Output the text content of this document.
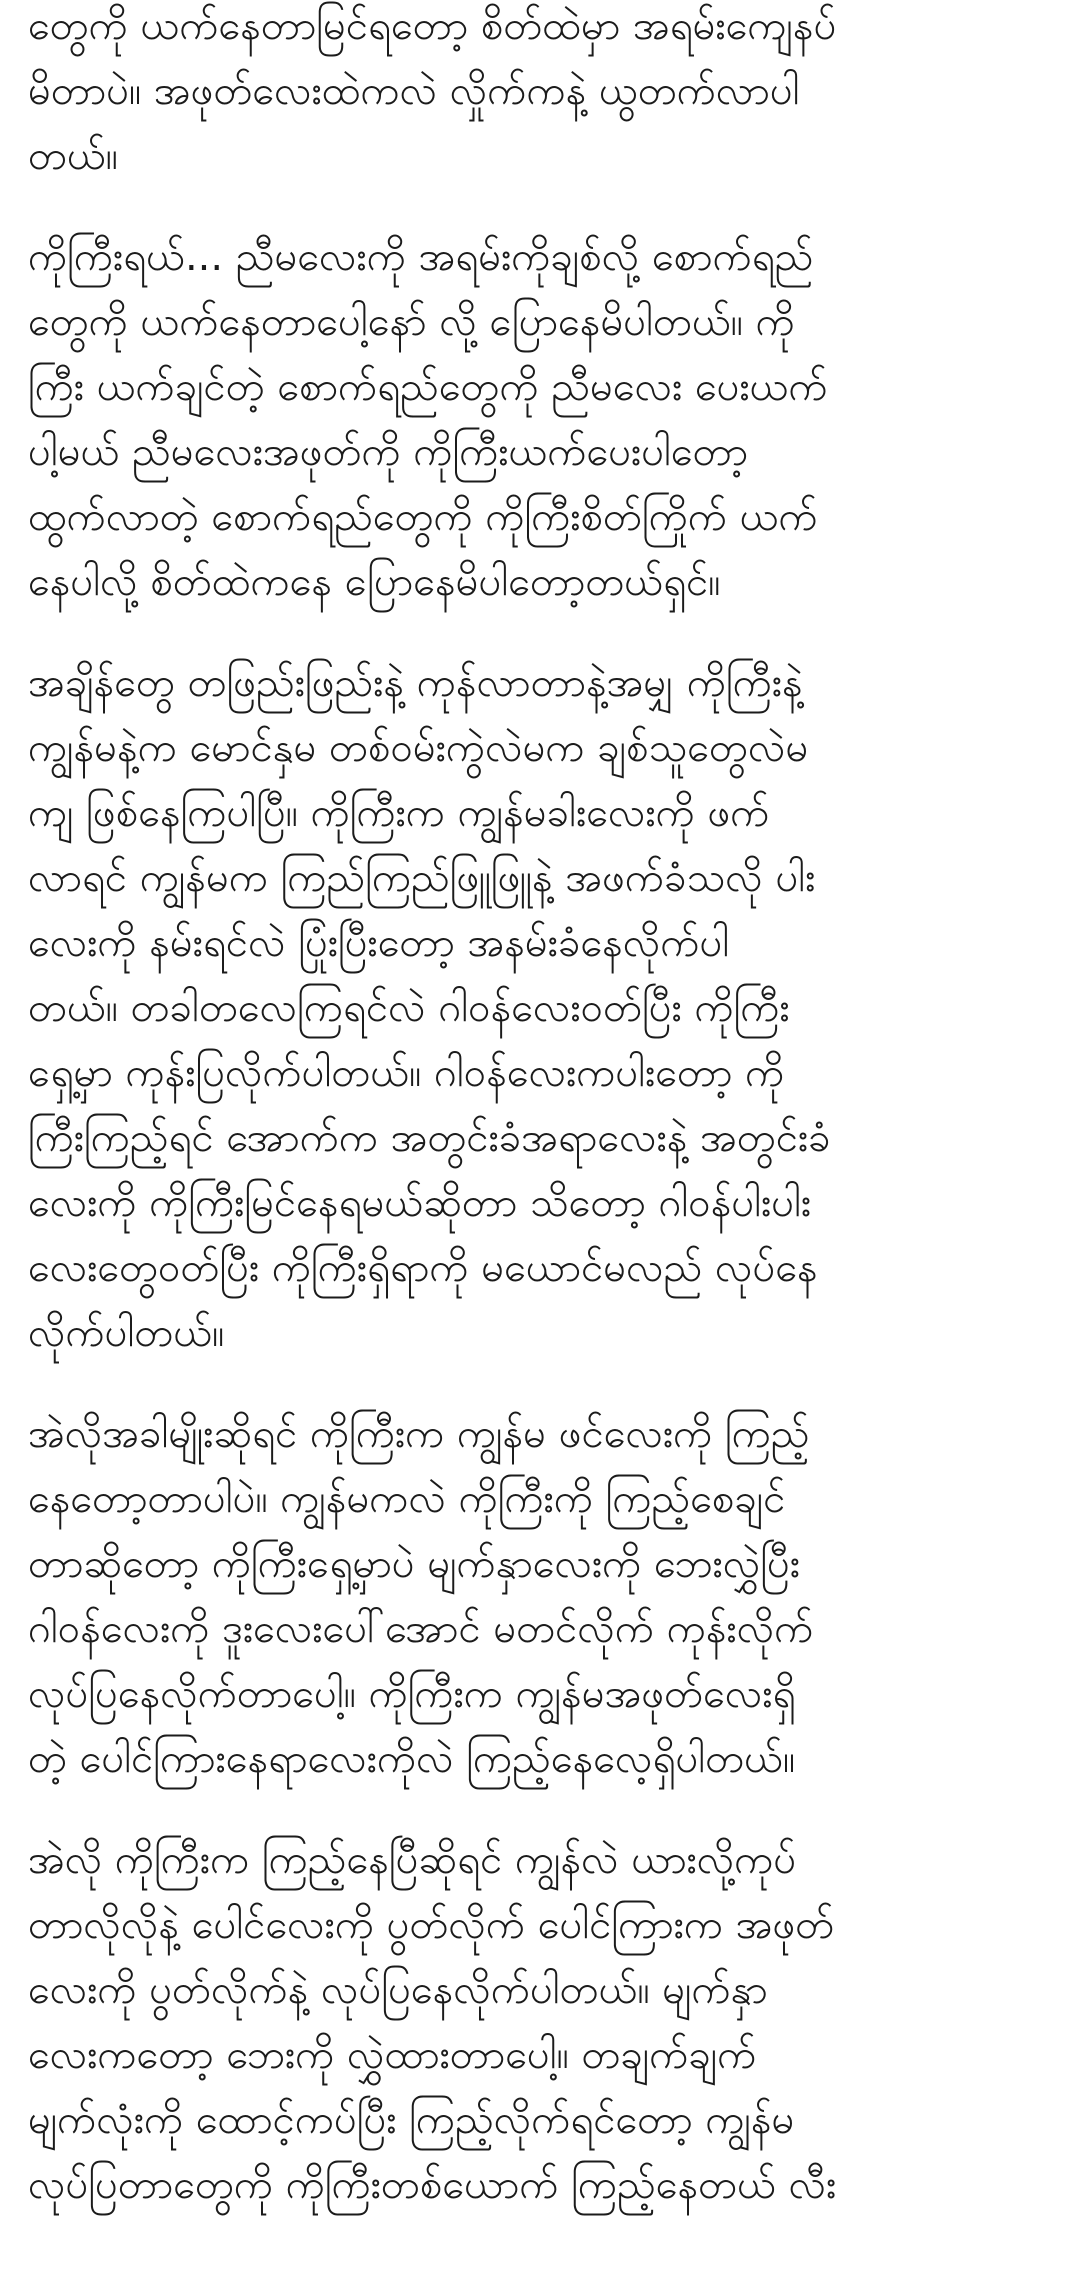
တွေကို ယက်နေတာမြင်ရတော့ စိတ်ထဲမှာ အရမ်းကျေနပ်
မိတာပဲ။ အဖုတ်လေးထဲကလဲ လှိုက်ကနဲ့ ယွတက်လာပါ
တယ်။

ကိုကြီးရယ်... ညီမလေးကို အရမ်းကိုချစ်လို့ စောက်ရည်
တွေကို ယက်နေတာပေါ့နော် လို့ ပြောနေမိပါတယ်။ ကို
ကြီး ယက်ချင်တဲ့ စောက်ရည်တွေကို ညီမလေး ပေးယက်
ပါ့မယ် ညီမလေးအဖုတ်ကို ကိုကြီးယက်ပေးပါတော့
ထွက်လာတဲ့ စောက်ရည်တွေကို ကိုကြီးစိတ်ကြိုက် ယက်
နေပါလို့ စိတ်ထဲကနေ ပြောနေမိပါတော့တယ်ရှင်။

အချိန်တွေ တဖြည်းဖြည်းနဲ့ ကုန်လာတာနဲ့အမျှ ကိုကြီးနဲ့
ကျွန်မနဲ့က မောင်နှမ တစ်ဝမ်းကွဲလဲမက ချစ်သူတွေလဲမ
ကျ ဖြစ်နေကြပါပြီ။ ကိုကြီးက ကျွန်မခါးလေးကို ဖက်
လာရင် ကျွန်မက ကြည်ကြည်ဖြူဖြူနဲ့ အဖက်ခံသလို ပါး
လေးကို နမ်းရင်လဲ ပြုံးပြီးတော့ အနမ်းခံနေလိုက်ပါ
တယ်။ တခါတလေကြရင်လဲ ဂါဝန်လေးဝတ်ပြီး ကိုကြီး
ရှေ့မှာ ကုန်းပြလိုက်ပါတယ်။ ဂါဝန်လေးကပါးတော့ ကို
ကြီးကြည့်ရင် အောက်က အတွင်းခံအရာလေးနဲ့ အတွင်းခံ
လေးကို ကိုကြီးမြင်နေရမယ်ဆိုတာ သိတော့ ဂါဝန်ပါးပါး
လေးတွေဝတ်ပြီး ကိုကြီးရှိရာကို မယောင်မလည် လုပ်နေ
လိုက်ပါတယ်။

အဲလိုအခါမျိုးဆိုရင် ကိုကြီးက ကျွန်မ ဖင်လေးကို ကြည့်
နေတော့တာပါပဲ။ ကျွန်မကလဲ ကိုကြီးကို ကြည့်စေချင်
တာဆိုတော့ ကိုကြီးရှေ့မှာပဲ မျက်နှာလေးကို ဘေးလွှဲပြီး
ဂါဝန်လေးကို ဒူးလေးပေါ်အောင် မတင်လိုက် ကုန်းလိုက်
လုပ်ပြနေလိုက်တာပေါ့။ ကိုကြီးက ကျွန်မအဖုတ်လေးရှိ
တဲ့ ပေါင်ကြားနေရာလေးကိုလဲ ကြည့်နေလေ့ရှိပါတယ်။

အဲလို ကိုကြီးက ကြည့်နေပြီဆိုရင် ကျွန်လဲ ယားလို့ကုပ်
တာလိုလိုနဲ့ ပေါင်လေးကို ပွတ်လိုက် ပေါင်ကြားက အဖုတ်
လေးကို ပွတ်လိုက်နဲ့ လုပ်ပြနေလိုက်ပါတယ်။ မျက်နှာ
လေးကတော့ ဘေးကို လွှဲထားတာပေါ့။ တချက်ချက်
မျက်လုံးကို ထောင့်ကပ်ပြီး ကြည့်လိုက်ရင်တော့ ကျွန်မ
လုပ်ပြတာတွေကို ကိုကြီးတစ်ယောက် ကြည့်နေတယ် လီး
